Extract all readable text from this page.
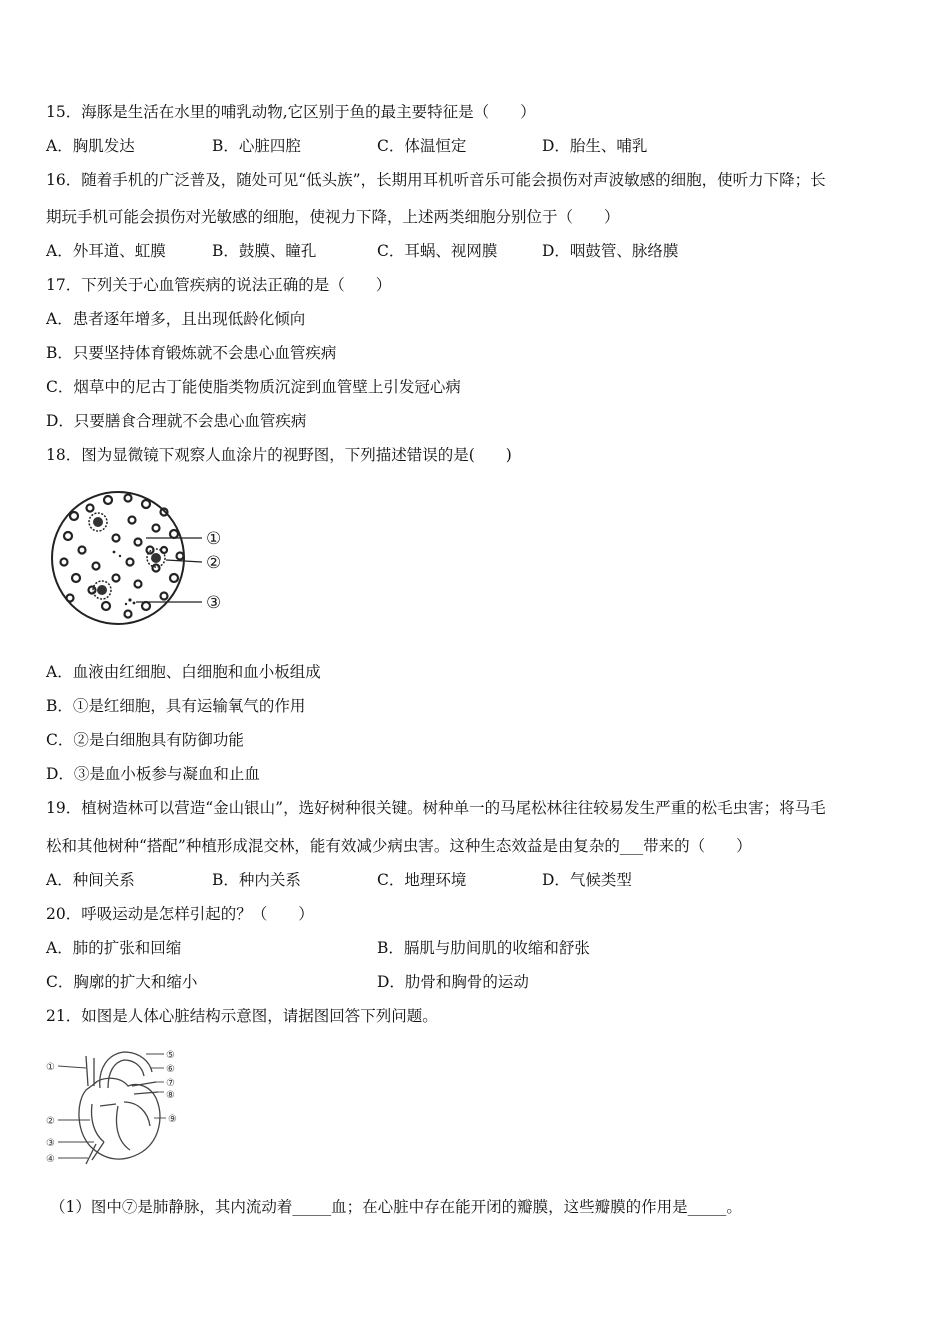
15．海豚是生活在水里的哺乳动物,它区别于鱼的最主要特征是（　　）
A．胸肌发达	B．心脏四腔	C．体温恒定	D．胎生、哺乳
16．随着手机的广泛普及，随处可见“低头族”，长期用耳机听音乐可能会损伤对声波敏感的细胞，使听力下降；长
期玩手机可能会损伤对光敏感的细胞，使视力下降，上述两类细胞分别位于（　　）
A．外耳道、虹膜	B．鼓膜、瞳孔	C．耳蜗、视网膜	D．咽鼓管、脉络膜
17．下列关于心血管疾病的说法正确的是（　　）
A．患者逐年增多，且出现低龄化倾向
B．只要坚持体育锻炼就不会患心血管疾病
C．烟草中的尼古丁能使脂类物质沉淀到血管壁上引发冠心病
D．只要膳食合理就不会患心血管疾病
18．图为显微镜下观察人血涂片的视野图，下列描述错误的是(　　)
①
②
③
A．血液由红细胞、白细胞和血小板组成
B．①是红细胞，具有运输氧气的作用
C．②是白细胞具有防御功能
D．③是血小板参与凝血和止血
19．植树造林可以营造“金山银山”，选好树种很关键。树种单一的马尾松林往往较易发生严重的松毛虫害；将马毛
松和其他树种“搭配”种植形成混交林，能有效减少病虫害。这种生态效益是由复杂的___带来的（　　）
A．种间关系	B．种内关系	C．地理环境	D．气候类型
20．呼吸运动是怎样引起的？（　　）
A．肺的扩张和回缩	B．膈肌与肋间肌的收缩和舒张
C．胸廓的扩大和缩小	D．肋骨和胸骨的运动
21．如图是人体心脏结构示意图，请据图回答下列问题。
①
②
③
④
⑤
⑥
⑦
⑧
⑨
（1）图中⑦是肺静脉，其内流动着_____血；在心脏中存在能开闭的瓣膜，这些瓣膜的作用是_____。
